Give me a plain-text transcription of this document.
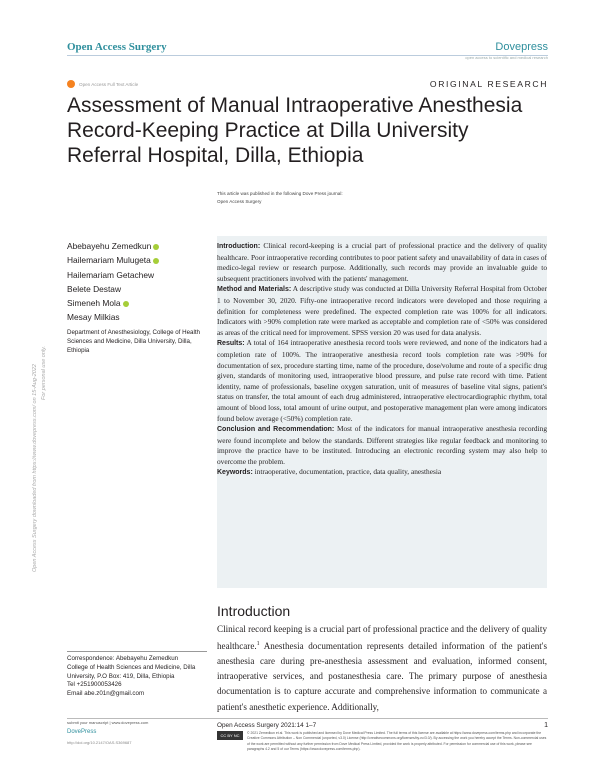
Open Access Surgery	Dovepress
open access to scientific and medical research
Open Access Full Text Article	ORIGINAL RESEARCH
Assessment of Manual Intraoperative Anesthesia Record-Keeping Practice at Dilla University Referral Hospital, Dilla, Ethiopia
This article was published in the following Dove Press journal:
Open Access Surgery
Open Access Surgery downloaded from https://www.dovepress.com/ on 15-Aug-2022 For personal use only.
Abebayehu Zemedkun
Hailemariam Mulugeta
Hailemariam Getachew
Belete Destaw
Simeneh Mola
Mesay Milkias
Department of Anesthesiology, College of Health Sciences and Medicine, Dilla University, Dilla, Ethiopia

Introduction: Clinical record-keeping is a crucial part of professional practice and the delivery of quality healthcare. Poor intraoperative recording contributes to poor patient safety and unavailability of data in cases of medico-legal review or research purpose. Additionally, such records may provide an invaluable guide to subsequent practitioners involved with the patients' management.

Method and Materials: A descriptive study was conducted at Dilla University Referral Hospital from October 1 to November 30, 2020. Fifty-one intraoperative record indicators were developed and those requiring a definition for completeness were predefined. The expected completion rate was 100% for all indicators. Indicators with >90% completion rate were marked as acceptable and completion rate of <50% was considered as areas of the critical need for improvement. SPSS version 20 was used for data analysis.

Results: A total of 164 intraoperative anesthesia record tools were reviewed, and none of the indicators had a completion rate of 100%. The intraoperative anesthesia record tools completion rate was >90% for documentation of sex, procedure starting time, name of the procedure, dose/volume and route of a specific drug given, standards of monitoring used, intraoperative blood pressure, and pulse rate record with time. Patient identity, name of professionals, baseline oxygen saturation, unit of measures of baseline vital signs, patient's status on transfer, the total amount of each drug administered, intraoperative electrocardiographic rhythm, total amount of blood loss, total amount of urine output, and postoperative management plan were among indicators found below average (<50%) completion rate.

Conclusion and Recommendation: Most of the indicators for manual intraoperative anesthesia recording were found incomplete and below the standards. Different strategies like regular feedback and monitoring to improve the practice have to be instituted. Introducing an electronic recording system may also help to overcome the problem.

Keywords: intraoperative, documentation, practice, data quality, anesthesia

Introduction
Clinical record keeping is a crucial part of professional practice and the delivery of quality healthcare.$^1$ Anesthesia documentation represents detailed information of the patient's anesthesia care during pre-anesthesia assessment and evaluation, informed consent, intraoperative services, and postanesthesia care. The primary purpose of anesthesia documentation is to capture accurate and comprehensive information to communicate a patient's anesthetic experience. Additionally,
Correspondence: Abebayehu Zemedkun
College of Health Sciences and Medicine, Dilla University, P.O Box: 419, Dilla, Ethiopia
Tel +251900053426
Email abe.z01n@gmail.com
submit your manuscript | www.dovepress.com
DovePress
http://doi.org/10.2147/OAS.S369687
Open Access Surgery 2021:14 1–7	1
CC BY NC	© 2021 Zemedkun et al. This work is published and licensed by Dove Medical Press Limited. The full terms of this license are available at https://www.dovepress.com/terms.php and incorporate the Creative Commons Attribution – Non Commercial (unported, v3.0) License (http://creativecommons.org/licenses/by-nc/3.0/). By accessing the work you hereby accept the Terms. Non-commercial uses of the work are permitted without any further permission from Dove Medical Press Limited, provided the work is properly attributed. For permission for commercial use of this work, please see paragraphs 4.2 and 5 of our Terms (https://www.dovepress.com/terms.php).
